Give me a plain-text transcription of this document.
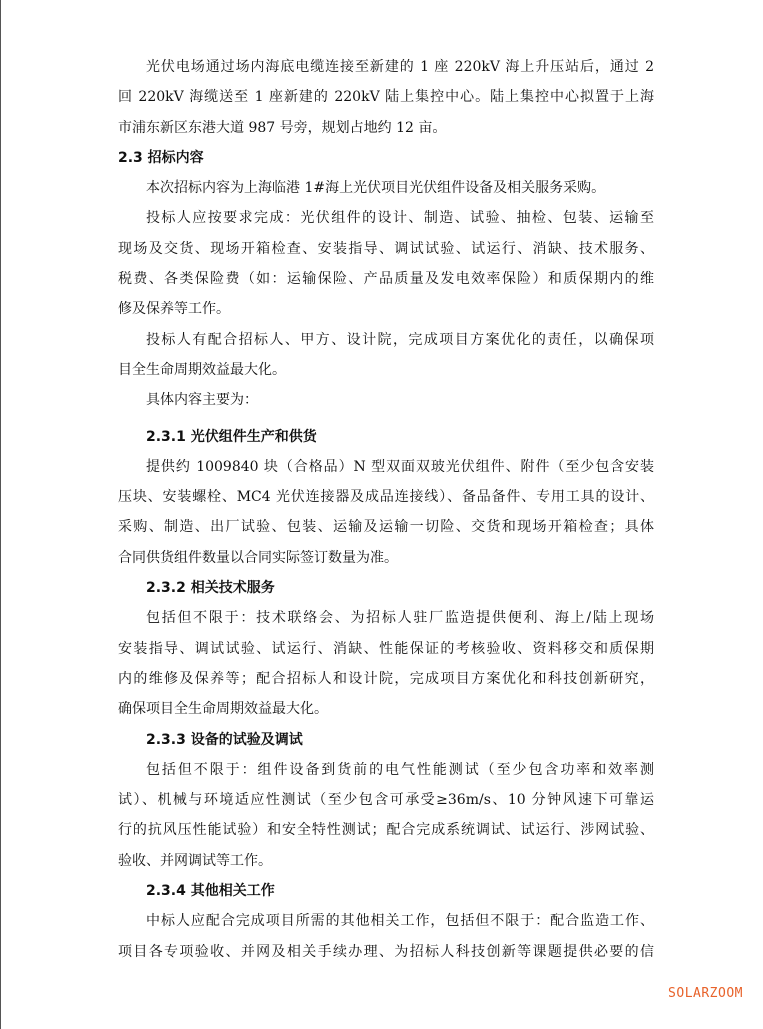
光伏电场通过场内海底电缆连接至新建的 1 座 220kV 海上升压站后，通过 2
回 220kV 海缆送至 1 座新建的 220kV 陆上集控中心。陆上集控中心拟置于上海
市浦东新区东港大道 987 号旁，规划占地约 12 亩。
2.3 招标内容
本次招标内容为上海临港 1#海上光伏项目光伏组件设备及相关服务采购。
投标人应按要求完成：光伏组件的设计、制造、试验、抽检、包装、运输至
现场及交货、现场开箱检查、安装指导、调试试验、试运行、消缺、技术服务、
税费、各类保险费（如：运输保险、产品质量及发电效率保险）和质保期内的维
修及保养等工作。
投标人有配合招标人、甲方、设计院，完成项目方案优化的责任，以确保项
目全生命周期效益最大化。
具体内容主要为：
2.3.1 光伏组件生产和供货
提供约 1009840 块（合格品）N 型双面双玻光伏组件、附件（至少包含安装
压块、安装螺栓、MC4 光伏连接器及成品连接线）、备品备件、专用工具的设计、
采购、制造、出厂试验、包装、运输及运输一切险、交货和现场开箱检查；具体
合同供货组件数量以合同实际签订数量为准。
2.3.2 相关技术服务
包括但不限于：技术联络会、为招标人驻厂监造提供便利、海上/陆上现场
安装指导、调试试验、试运行、消缺、性能保证的考核验收、资料移交和质保期
内的维修及保养等；配合招标人和设计院，完成项目方案优化和科技创新研究，
确保项目全生命周期效益最大化。
2.3.3 设备的试验及调试
包括但不限于：组件设备到货前的电气性能测试（至少包含功率和效率测
试）、机械与环境适应性测试（至少包含可承受≥36m/s、10 分钟风速下可靠运
行的抗风压性能试验）和安全特性测试；配合完成系统调试、试运行、涉网试验、
验收、并网调试等工作。
2.3.4 其他相关工作
中标人应配合完成项目所需的其他相关工作，包括但不限于：配合监造工作、
项目各专项验收、并网及相关手续办理、为招标人科技创新等课题提供必要的信
SOLARZOOM
